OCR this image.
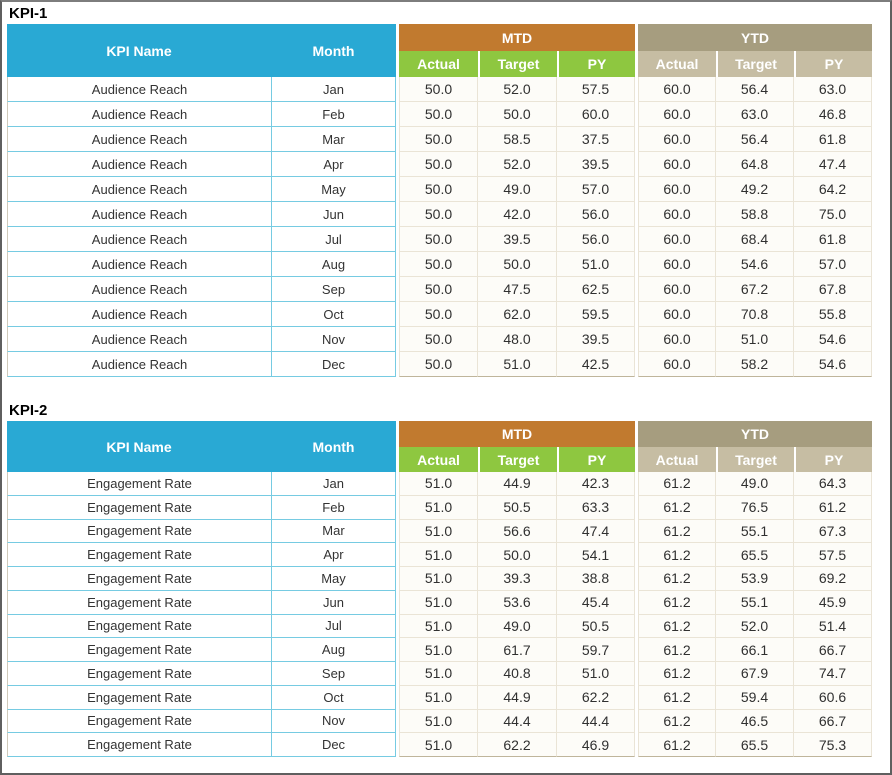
KPI-1
KPI Name	Month
MTD	YTD
Actual	Target	PY	Actual	Target	PY
Audience Reach	Jan	50.0	52.0	57.5	60.0	56.4	63.0
Audience Reach	Feb	50.0	50.0	60.0	60.0	63.0	46.8
Audience Reach	Mar	50.0	58.5	37.5	60.0	56.4	61.8
Audience Reach	Apr	50.0	52.0	39.5	60.0	64.8	47.4
Audience Reach	May	50.0	49.0	57.0	60.0	49.2	64.2
Audience Reach	Jun	50.0	42.0	56.0	60.0	58.8	75.0
Audience Reach	Jul	50.0	39.5	56.0	60.0	68.4	61.8
Audience Reach	Aug	50.0	50.0	51.0	60.0	54.6	57.0
Audience Reach	Sep	50.0	47.5	62.5	60.0	67.2	67.8
Audience Reach	Oct	50.0	62.0	59.5	60.0	70.8	55.8
Audience Reach	Nov	50.0	48.0	39.5	60.0	51.0	54.6
Audience Reach	Dec	50.0	51.0	42.5	60.0	58.2	54.6
KPI-2
KPI Name	Month
MTD	YTD
Actual	Target	PY	Actual	Target	PY
Engagement Rate	Jan	51.0	44.9	42.3	61.2	49.0	64.3
Engagement Rate	Feb	51.0	50.5	63.3	61.2	76.5	61.2
Engagement Rate	Mar	51.0	56.6	47.4	61.2	55.1	67.3
Engagement Rate	Apr	51.0	50.0	54.1	61.2	65.5	57.5
Engagement Rate	May	51.0	39.3	38.8	61.2	53.9	69.2
Engagement Rate	Jun	51.0	53.6	45.4	61.2	55.1	45.9
Engagement Rate	Jul	51.0	49.0	50.5	61.2	52.0	51.4
Engagement Rate	Aug	51.0	61.7	59.7	61.2	66.1	66.7
Engagement Rate	Sep	51.0	40.8	51.0	61.2	67.9	74.7
Engagement Rate	Oct	51.0	44.9	62.2	61.2	59.4	60.6
Engagement Rate	Nov	51.0	44.4	44.4	61.2	46.5	66.7
Engagement Rate	Dec	51.0	62.2	46.9	61.2	65.5	75.3
